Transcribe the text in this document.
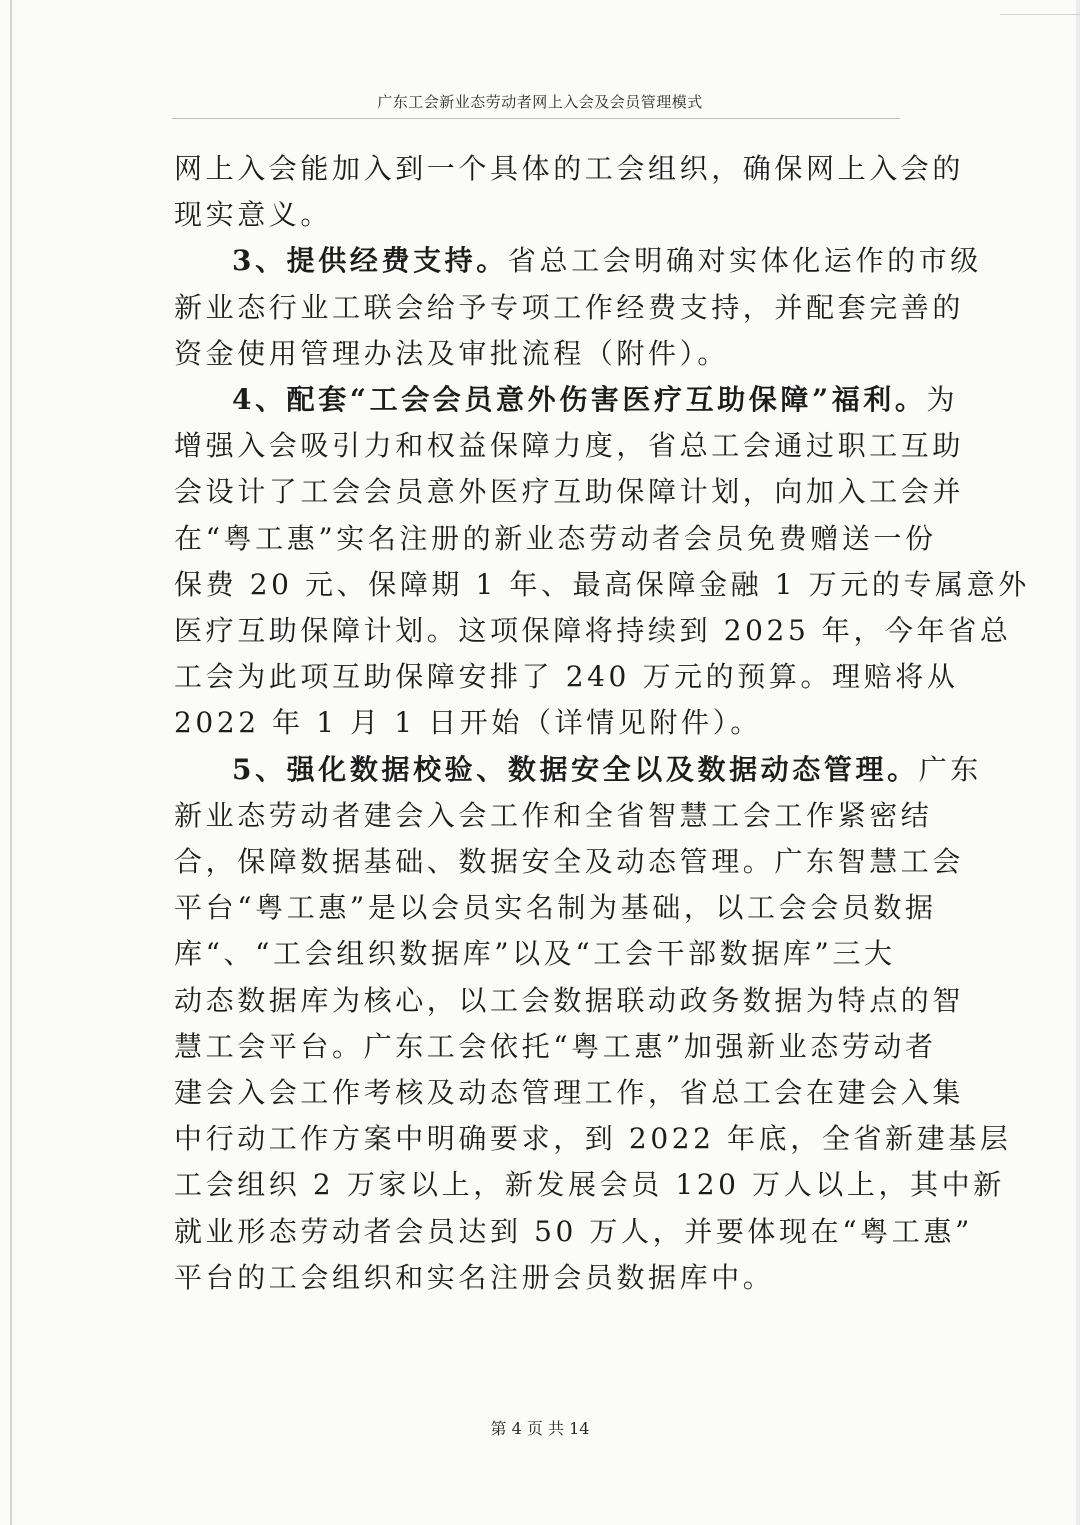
广东工会新业态劳动者网上入会及会员管理模式
网上入会能加入到一个具体的工会组织，确保网上入会的
现实意义。
3、提供经费支持。省总工会明确对实体化运作的市级
新业态行业工联会给予专项工作经费支持，并配套完善的
资金使用管理办法及审批流程（附件）。
4、配套“工会会员意外伤害医疗互助保障”福利。为
增强入会吸引力和权益保障力度，省总工会通过职工互助
会设计了工会会员意外医疗互助保障计划，向加入工会并
在“粤工惠”实名注册的新业态劳动者会员免费赠送一份
保费 20 元、保障期 1 年、最高保障金融 1 万元的专属意外
医疗互助保障计划。这项保障将持续到 2025 年，今年省总
工会为此项互助保障安排了 240 万元的预算。理赔将从
2022 年 1 月 1 日开始（详情见附件）。
5、强化数据校验、数据安全以及数据动态管理。广东
新业态劳动者建会入会工作和全省智慧工会工作紧密结
合，保障数据基础、数据安全及动态管理。广东智慧工会
平台“粤工惠”是以会员实名制为基础，以工会会员数据
库“、“工会组织数据库”以及“工会干部数据库”三大
动态数据库为核心，以工会数据联动政务数据为特点的智
慧工会平台。广东工会依托“粤工惠”加强新业态劳动者
建会入会工作考核及动态管理工作，省总工会在建会入集
中行动工作方案中明确要求，到 2022 年底，全省新建基层
工会组织 2 万家以上，新发展会员 120 万人以上，其中新
就业形态劳动者会员达到 50 万人，并要体现在“粤工惠”
平台的工会组织和实名注册会员数据库中。
第 4 页 共 14
